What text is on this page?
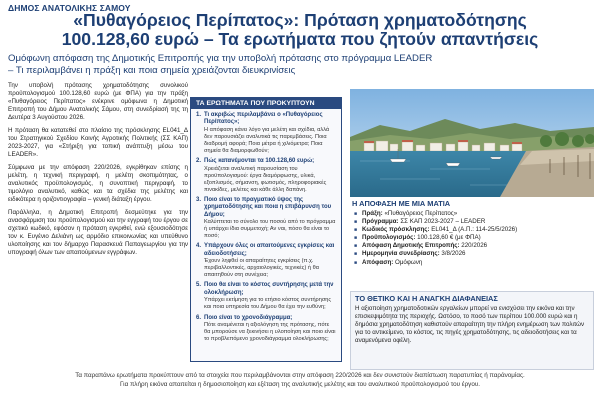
ΔΗΜΟΣ ΑΝΑΤΟΛΙΚΗΣ ΣΑΜΟΥ
«Πυθαγόρειος Περίπατος»: Πρόταση χρηματοδότησης
100.128,60 ευρώ – Τα ερωτήματα που ζητούν απαντήσεις
Ομόφωνη απόφαση της Δημοτικής Επιτροπής για την υποβολή πρότασης στο πρόγραμμα LEADER
– Τι περιλαμβάνει η πράξη και ποια σημεία χρειάζονται διευκρινίσεις

Την υποβολή πρότασης χρηματοδότησης συνολικού προϋπολογισμού 100.128,60 ευρώ (με ΦΠΑ) για την πράξη «Πυθαγόρειος Περίπατος» ενέκρινε ομόφωνα η Δημοτική Επιτροπή του Δήμου Ανατολικής Σάμου, στη συνεδρίασή της τη Δευτέρα 3 Αυγούστου 2026.

Η πρόταση θα κατατεθεί στο πλαίσιο της πρόσκλησης EL041_Δ του Στρατηγικού Σχεδίου Κοινής Αγροτικής Πολιτικής (ΣΣ ΚΑΠ) 2023-2027, για «Στήριξη για τοπική ανάπτυξη μέσω του LEADER».

Σύμφωνα με την απόφαση 220/2026, εγκρίθηκαν επίσης η μελέτη, η τεχνική περιγραφή, η μελέτη σκοπιμότητας, ο αναλυτικός προϋπολογισμός, η συνοπτική περιγραφή, το τιμολόγιο αναλυτικό, καθώς και τα σχέδια της μελέτης και ειδικότερα η οριζοντιογραφία – γενική διάταξη έργου.

Παράλληλα, η Δημοτική Επιτροπή δεσμεύτηκε για την ανασφάρμιση του προϋπολογισμού και την εγγραφή του έργου σε σχετικό κωδικό, εφόσον η πρόταση εγκριθεί, ενώ εξουσιοδότησε τον κ. Ευγένιο Δελιάνη ως αρμόδιο επικοινωνίας και υπεύθυνο υλοποίησης και τον δήμαρχο Παρασκευά Παπαγεωργίου για την υπογραφή όλων των απαιτούμενων εγγράφων.

ΤΑ ΕΡΩΤΗΜΑΤΑ ΠΟΥ ΠΡΟΚΥΠΤΟΥΝ
1. Τι ακριβώς περιλαμβάνει ο «Πυθαγόρειος Περίπατος»;
Η απόφαση κάνει λόγο για μελέτη και σχέδια, αλλά δεν παρουσιάζει αναλυτικά τις παρεμβάσεις. Ποια διαδρομή αφορά; Ποια μέτρα ή χιλιόμετρα; Ποια σημεία θα διαμορφωθούν;
2. Πώς κατανέμονται τα 100.128,60 ευρώ;
Χρειάζεται αναλυτική παρουσίαση του προϋπολογισμού: έργα διαμόρφωσης, υλικά, εξοπλισμός, σήμανση, φωτισμός, πληροφοριακές πινακίδες, μελέτες και κάθε άλλη δαπάνη.
3. Ποιο είναι το πραγματικό ύψος της χρηματοδότησης και ποια η επιβάρυνση του Δήμου;
Καλύπτεται το σύνολο του ποσού από το πρόγραμμα ή υπάρχει ίδια συμμετοχή; Αν ναι, πόσο θα είναι το ποσό;
4. Υπάρχουν όλες οι απαιτούμενες εγκρίσεις και αδειοδοτήσεις;
Έχουν ληφθεί οι απαραίτητες εγκρίσεις (π.χ. περιβαλλοντικές, αρχαιολογικές, τεχνικές) ή θα απαιτηθούν στη συνέχεια;
5. Ποιο θα είναι το κόστος συντήρησης μετά την ολοκλήρωση;
Υπάρχει εκτίμηση για το ετήσιο κόστος συντήρησης και ποια υπηρεσία του Δήμου θα έχει την ευθύνη;
6. Ποιο είναι το χρονοδιάγραμμα;
Πότε αναμένεται η αξιολόγηση της πρότασης, πότε θα μπορούσε να ξεκινήσει η υλοποίηση και ποιο είναι το προβλεπόμενο χρονοδιάγραμμα ολοκλήρωσης;
Η ΑΠΟΦΑΣΗ ΜΕ ΜΙΑ ΜΑΤΙΑ
■ Πράξη: «Πυθαγόρειος Περίπατος»
■ Πρόγραμμα: ΣΣ ΚΑΠ 2023-2027 – LEADER
■ Κωδικός πρόσκλησης: EL041_Δ (Α.Π.: 114-25/5/2026)
■ Προϋπολογισμός: 100.128,60 € (με ΦΠΑ)
■ Απόφαση Δημοτικής Επιτροπής: 220/2026
■ Ημερομηνία συνεδρίασης: 3/8/2026
■ Απόφαση: Ομόφωνη
ΤΟ ΘΕΤΙΚΟ ΚΑΙ Η ΑΝΑΓΚΗ ΔΙΑΦΑΝΕΙΑΣ
Η αξιοποίηση χρηματοδοτικών εργαλείων μπορεί να ενισχύσει την εικόνα και την επισκεψιμότητα της περιοχής. Ωστόσο, το ποσό των περίπου 100.000 ευρώ και η δημόσια χρηματοδότηση καθιστούν απαραίτητη την πλήρη ενημέρωση των πολιτών για το αντικείμενο, το κόστος, τις πηγές χρηματοδότησης, τις αδειοδοτήσεις και τα αναμενόμενα οφέλη.
Τα παραπάνω ερωτήματα προκύπτουν από τα στοιχεία που περιλαμβάνονται στην απόφαση 220/2026 και δεν συνιστούν διαπίστωση παρατυπίας ή παράνομίας.
Για πλήρη εικόνα απαιτείται η δημοσιοποίηση και εξέταση της αναλυτικής μελέτης και του αναλυτικού προϋπολογισμού του έργου.
